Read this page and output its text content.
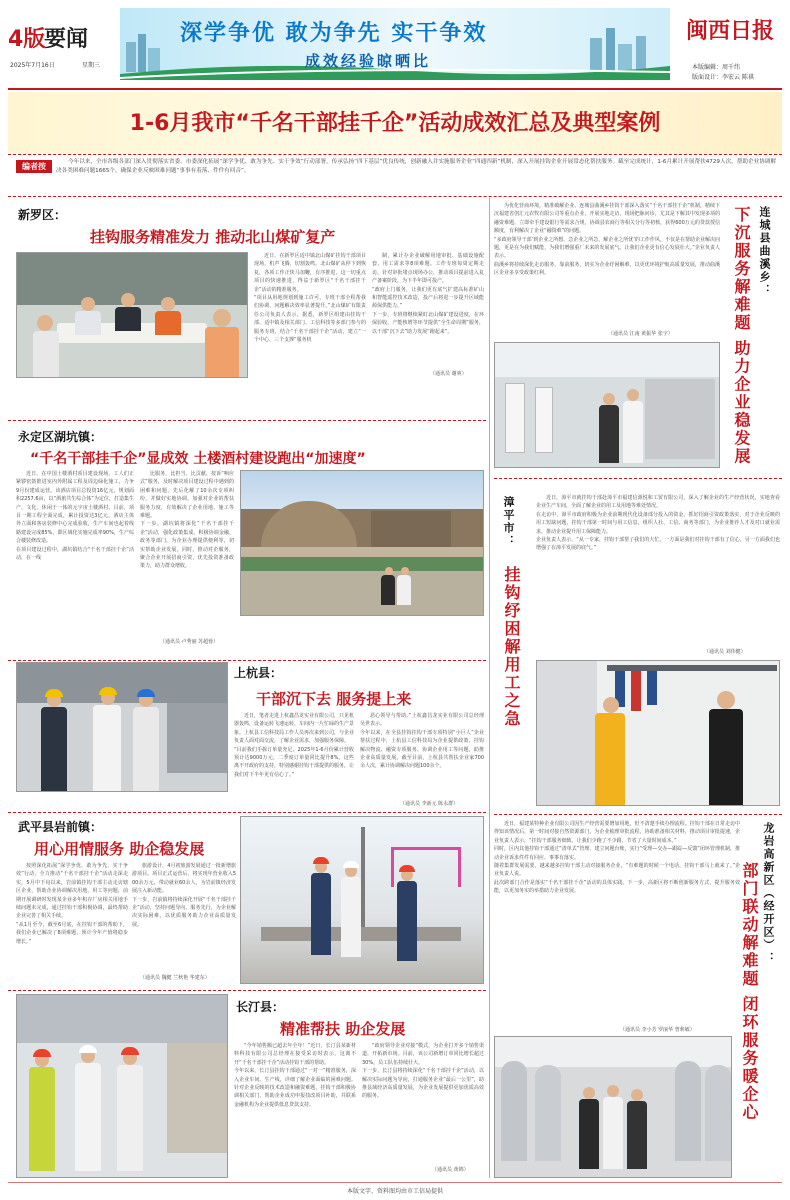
4版
要闻
2025年7月16日	星期三
深学争优 敢为争先 实干争效
成效经验晾晒比
闽西日报
本版编辑：周千纬
版面设计：李宏云 陈祺
1-6月我市“千名干部挂千企”活动成效汇总及典型案例
编者按	今年以来，全市各级各部门深入贯彻落实省委、市委深化拓展“深学争优、敢为争先、实干争效”行动部署，传承弘扬“四下基层”优良传统，创新融入并实施服务企业“四通四新”机制，深入开展挂钩企业开展常态化帮扶服务。截至完成统计，1-6月累计开展帮扶4729人次，帮助企业协调解决各类困难问题1665个，确保企业反映困难问题“事事有着落、件件有回音”。
新罗区：
挂钩服务精准发力 推动北山煤矿复产
近日，在新罗区适中镇北山煤矿挂钩干部项目现场，机声飞腾，切割轰鸣。北山煤矿从停下到恢复，各项工作正快马加鞭，有序推进，这一切重点项目的快速推进，得益于新罗区“千名干部挂千企”活动的精准服务。
“项目从用地规划到施工许可，专班干部全程帮我们协调，问题解决效率显著提升。”北山煤矿有限责任公司负责人表示。据悉，新罗区组建由挂钩干部、适中镇及相关部门、工信科技等多部门参与的服务专班，结合“千名干部挂千企”活动，建立“一个中心、三个支撑”服务机
制，累计办企业破解用地审批、基础设施配套、用工需求等8项难题。工作专班每周定期走访，针对审批堵点现场办公，推动项目提前进入复产备案阶段，为下半年即可投产。
“政府上门服务，让我们更有底气扩建高标准矿山和智能遥控技术改造，投产后将进一步提升区域能源保供能力。”
下一步，专班将继续紧盯北山煤矿建设进度，在环保验收、产能核增等环节提供“全生命周期”服务，以干部“沉下去”助力发展“跑起来”。
（通讯员 谢爽）
为优化营商环境，精准破解企业、连城县曲溪乡挂钩干部深入落实“千名干部挂千企”机制，精续下沉福建省创汇元农牧有限公司等重点企业，开展实地走访，现场把脉问诊，尤其是下解其中发现多项的融资难题，立即牵手建设银行等需求合规，协调县农商行等相关分行等初核，获得600万元的贷款授信额度，有利解决了企业“融资难”的问题。
“多政府领导干部‘到企业之所想，急企业之所急，解企业之所忧’的工作作风，不仅是在帮助企业解决问题，更是在为我们赋能，为我们增强重厂未来的发展底气。让我们企业更有信心发展壮大。”企业负责人表示。
曲溪乡将持续深化走访服务，靠前服务，切实为企业纾困解难，以更优环境护航高质量发展，推动曲溪区企业多享受政策红利。
（通讯员 江南 黄振华 张宇）
连城县曲溪乡：
下沉服务解难题 助力企业稳发展
永定区湖坑镇：
“千名干部挂千企”显成效 土楼酒村建设跑出“加速度”
近日，在中国土楼酒村项目建设现场，工人们正紧锣密鼓推进室内外附属工程及周边绿化施工，力争9月份建成运营。该酒店项目总投资16亿元，规划面积2257.6亩，以“酒旅共生综合体”为定位，打造集生产、文化、休闲于一体的元宇宙土楼酒村。目前，项目一期工程全面完成，累计投资达3亿元，酒店主体外立面和客房装修中心完成验收，生产车间也起着线路建设完成85%，即区域化实施完成率90%，生产综合楼装修改造。
在项目建设过程中，湖坑镇结合“千名干部挂千企”活动，在一线
比服务，比担当，比贡献，按诉“响应式”服务，及时解决项目建设过程中遇到的困难和问题，先后化解了10余次专项纠纷，并做好实地协调，加强对企业的帮扶服务力度，有效解决了企业用地、施工等难题。
下一步，湖坑镇将深化“千名干部挂千企”活动，强化政策集成，积极协调金融、政务等部门，为企业办理提供便利等，切实帮助企业发展。同时，推动对企服务，聚合企业开展招商引资，优先投资准备政策力，助力群众增收。
（通讯员 卢秀丽 苏超蓉）
上杭县：
干部沉下去 服务提上来
近日，笔者走进上杭鑫昌龙实业有限公司，只见机器轰鸣，设备运转飞速运转，车间内一片忙碌的生产景象。上杭县工信科技局工作人员再次来到公司，与企业负责人面对面交流，了解企业需求，加强服务保障。
“目前我们手握订单量充足，2025年1-6月份累计营收预计达9000万元，二季度订单量同比提升8%。这些离不开政府的支持，特别感谢挂钩干部提供的服务，让我们对下半年更有信心了。”
恶心领导与帮助。”上杭鑫昌龙实业有限公司总经理吴世表示。
今年以来，在全县挂钩挂钩干部专项特别“小巨人”企业帮扶过程中，上杭县工信科技局为企业提供政策、挂钩解决物流、融资专项服务、协调企业用工等问题，助推企业高质量发展。截至目前，上杭县共帮扶企业家700余人次，累计协调解决问题100余个。
（通讯员 李新元 陈永群）
漳平市：
挂钩纾困解用工之急
近日，漳平市就挂钩干部赴漳平市福建信源悦和工贸有限公司，深入了解企业的生产经营状况，实地查看企业生产车间，全面了解企业的用工及用地等难处情况。
在走访中，漳平市政府积极为企业前期现代化设备部分投入的资金，抓好招商引资政策落实，对于企业反映的用工短缺问题，挂钩干部第一时间与用工信息，组织人社、工信、商务等部门，为企业推荐人才及对口就业需求，推动企业提升用工保障能力。
企业负责人表示，“从一专家，挂钩干部帮了我们的大忙，一方面是我们对挂钩干部有了信心，另一方面我们也增强了在漳平发展的底气。”
（通讯员 刘伟健）
武平县岩前镇：
用心用情服务 助企稳发展
按照深化拓展“深学争优、敢为争先、实干争效”行动，全力推动“千名干部挂千企”活动走深走实，5月中下旬以来，岩前镇挂钩干部主动走访辖区企业，帮助企业协调解决用地、用工等问题，前期开展调研时发现某企业多年积存厂房相关用地手续问题未完成，通过挂钩干部积极协调，最终帮助企业完善了相关手续。
“从1月至今，截至6月底，在挂钩干部的帮助下，我们企业已解决了8项难题，预计今年产值将稳步增长。”
旅游设计，4月初旅游发展通过一批新增旅游项目。项目正式运营后，将实现年营业收入500余万元，带动就业60余人，为岩前镇经济发展注入新动能。
下一步，岩前镇将持续深化开展“千名干部挂千企”活动，坚持问题导向、服务先行，为企业解决实际困难，以优质服务助力企业高质量发展。
（通讯员 魏健 兰秋艳 华建东）
长汀县：
精准帮扶 助企发展
“今年销售额已超去年全年！”近日，长汀县某新材料科技有限公司总经理在接受采访时表示，这离不开“千名干部挂千企”活动挂钩干部的帮助。
今年以来，长汀县挂钩干部通过“一对一”精准服务，深入企业车间、生产线，详细了解企业面临的困难问题。针对企业反映的技术改造和融资难题，挂钩干部积极协调相关部门，帮助企业成功申报技改项目补助，并联系金融机构为企业提供低息贷款支持。
“政府领导企业对接”模式，为企业打开多个销售渠道，开拓新市场。目前，该公司新增订单同比增长超过30%，员工队伍持续壮大。
下一步，长汀县将持续深化“千名干部挂千企”活动，以解决实际问题为导向，打通服务企业“最后一公里”，助推县域经济高质量发展，为企业发展提供更加优质高效的服务。
（通讯员 黄锦）
近日，福建某特种企业有限公司因生产经营需要增加用地，但不清楚手续办理流程。挂钩干部在日常走访中得知该情况后，第一时间对接自然资源部门，为企业梳理审批流程，协助准备相关材料，推动项目审批提速，企业负责人表示，“挂钩干部服务细致，让我们少跑了不少路，节省了大量时间成本。”
同时，区内其他挂钩干部通过“清单式”管理，建立问题台账，实行“受理—交办—跟踪—反馈”闭环管理机制，推动企业诉求件件有回应、事事有落实。
随着集群发展需要，越来越多挂钩干部主动对接服务企业，“有难题的时候一个电话，挂钩干部马上就来了。”企业负责人说。
此次跨部门合作是落实“千名干部挂千企”活动的具体实践。下一步，高新区将不断创新服务方式，提升服务效能，以更加务实的举措助力企业发展。
（通讯员 李小芳 罗丽华 曾莉敏）
龙岩高新区（经开区）：
部门联动解难题 闭环服务暖企心
本版文字、资料图均由市工信局提供
